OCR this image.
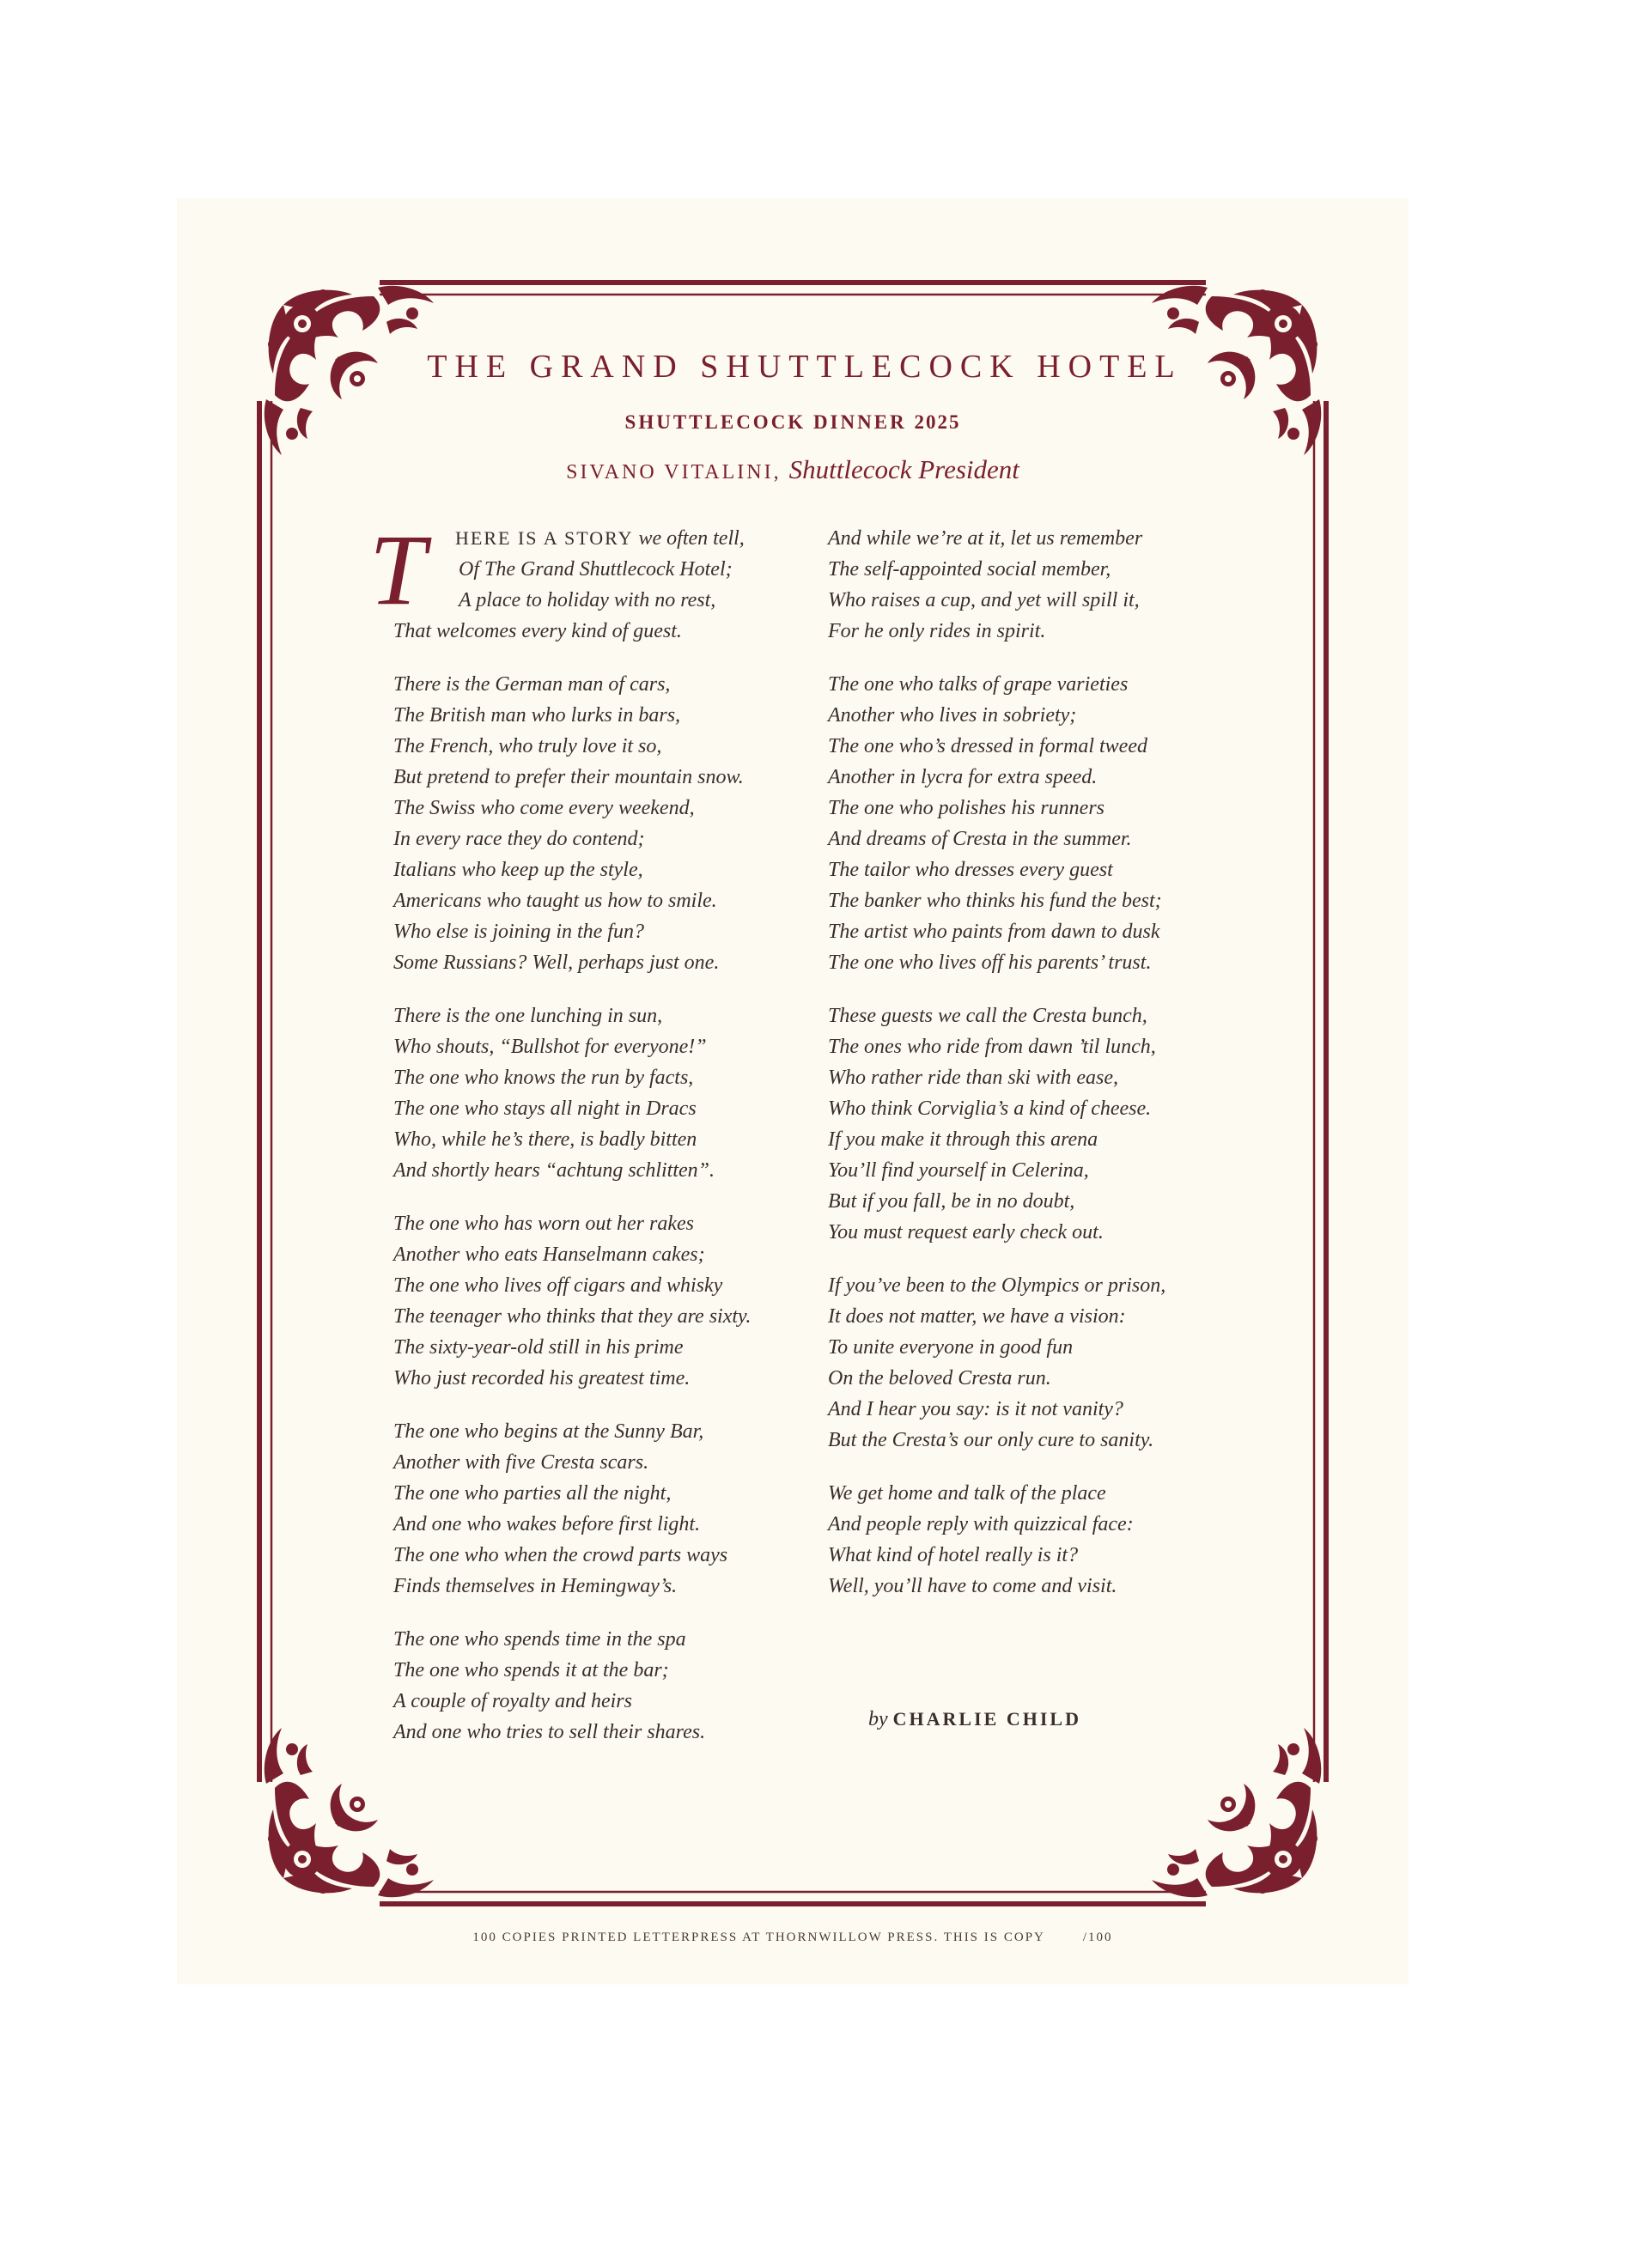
THE GRAND SHUTTLECOCK HOTEL
SHUTTLECOCK DINNER 2025
SIVANO VITALINI, Shuttlecock President
T	HERE IS A STORY we often tell,
Of The Grand Shuttlecock Hotel;
A place to holiday with no rest,
That welcomes every kind of guest.
There is the German man of cars,
The British man who lurks in bars,
The French, who truly love it so,
But pretend to prefer their mountain snow.
The Swiss who come every weekend,
In every race they do contend;
Italians who keep up the style,
Americans who taught us how to smile.
Who else is joining in the fun?
Some Russians? Well, perhaps just one.
There is the one lunching in sun,
Who shouts, “Bullshot for everyone!”
The one who knows the run by facts,
The one who stays all night in Dracs
Who, while he’s there, is badly bitten
And shortly hears “achtung schlitten”.
The one who has worn out her rakes
Another who eats Hanselmann cakes;
The one who lives off cigars and whisky
The teenager who thinks that they are sixty.
The sixty-year-old still in his prime
Who just recorded his greatest time.
The one who begins at the Sunny Bar,
Another with five Cresta scars.
The one who parties all the night,
And one who wakes before first light.
The one who when the crowd parts ways
Finds themselves in Hemingway’s.
The one who spends time in the spa
The one who spends it at the bar;
A couple of royalty and heirs
And one who tries to sell their shares.
And while we’re at it, let us remember
The self-appointed social member,
Who raises a cup, and yet will spill it,
For he only rides in spirit.
The one who talks of grape varieties
Another who lives in sobriety;
The one who’s dressed in formal tweed
Another in lycra for extra speed.
The one who polishes his runners
And dreams of Cresta in the summer.
The tailor who dresses every guest
The banker who thinks his fund the best;
The artist who paints from dawn to dusk
The one who lives off his parents’ trust.
These guests we call the Cresta bunch,
The ones who ride from dawn ’til lunch,
Who rather ride than ski with ease,
Who think Corviglia’s a kind of cheese.
If you make it through this arena
You’ll find yourself in Celerina,
But if you fall, be in no doubt,
You must request early check out.
If you’ve been to the Olympics or prison,
It does not matter, we have a vision:
To unite everyone in good fun
On the beloved Cresta run.
And I hear you say: is it not vanity?
But the Cresta’s our only cure to sanity.
We get home and talk of the place
And people reply with quizzical face:
What kind of hotel really is it?
Well, you’ll have to come and visit.
by CHARLIE CHILD
100 COPIES PRINTED LETTERPRESS AT THORNWILLOW PRESS. THIS IS COPY	/100
